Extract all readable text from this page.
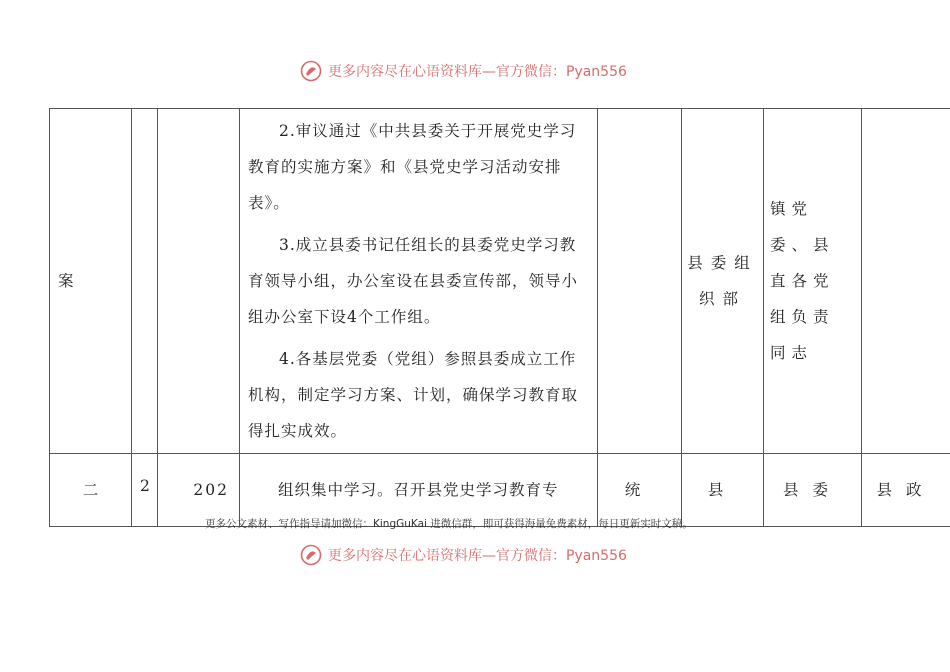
更多内容尽在心语资料库—官方微信：Pyan556
案			2.审议通过《中共县委关于开展党史学习教育的实施方案》和《县党史学习活动安排表》。

3.成立县委书记任组长的县委党史学习教育领导小组，办公室设在县委宣传部，领导小组办公室下设4个工作组。

4.各基层党委（党组）参照县委成立工作机构，制定学习方案、计划，确保学习教育取得扎实成效。		县委组织部	镇党委、县直各党组负责同志	
二	2	202	组织集中学习。召开县党史学习教育专	统	县	县委	县政
更多公文素材、写作指导请加微信：KingGuKai 进微信群，即可获得海量免费素材，每日更新实时文稿。
更多内容尽在心语资料库—官方微信：Pyan556
